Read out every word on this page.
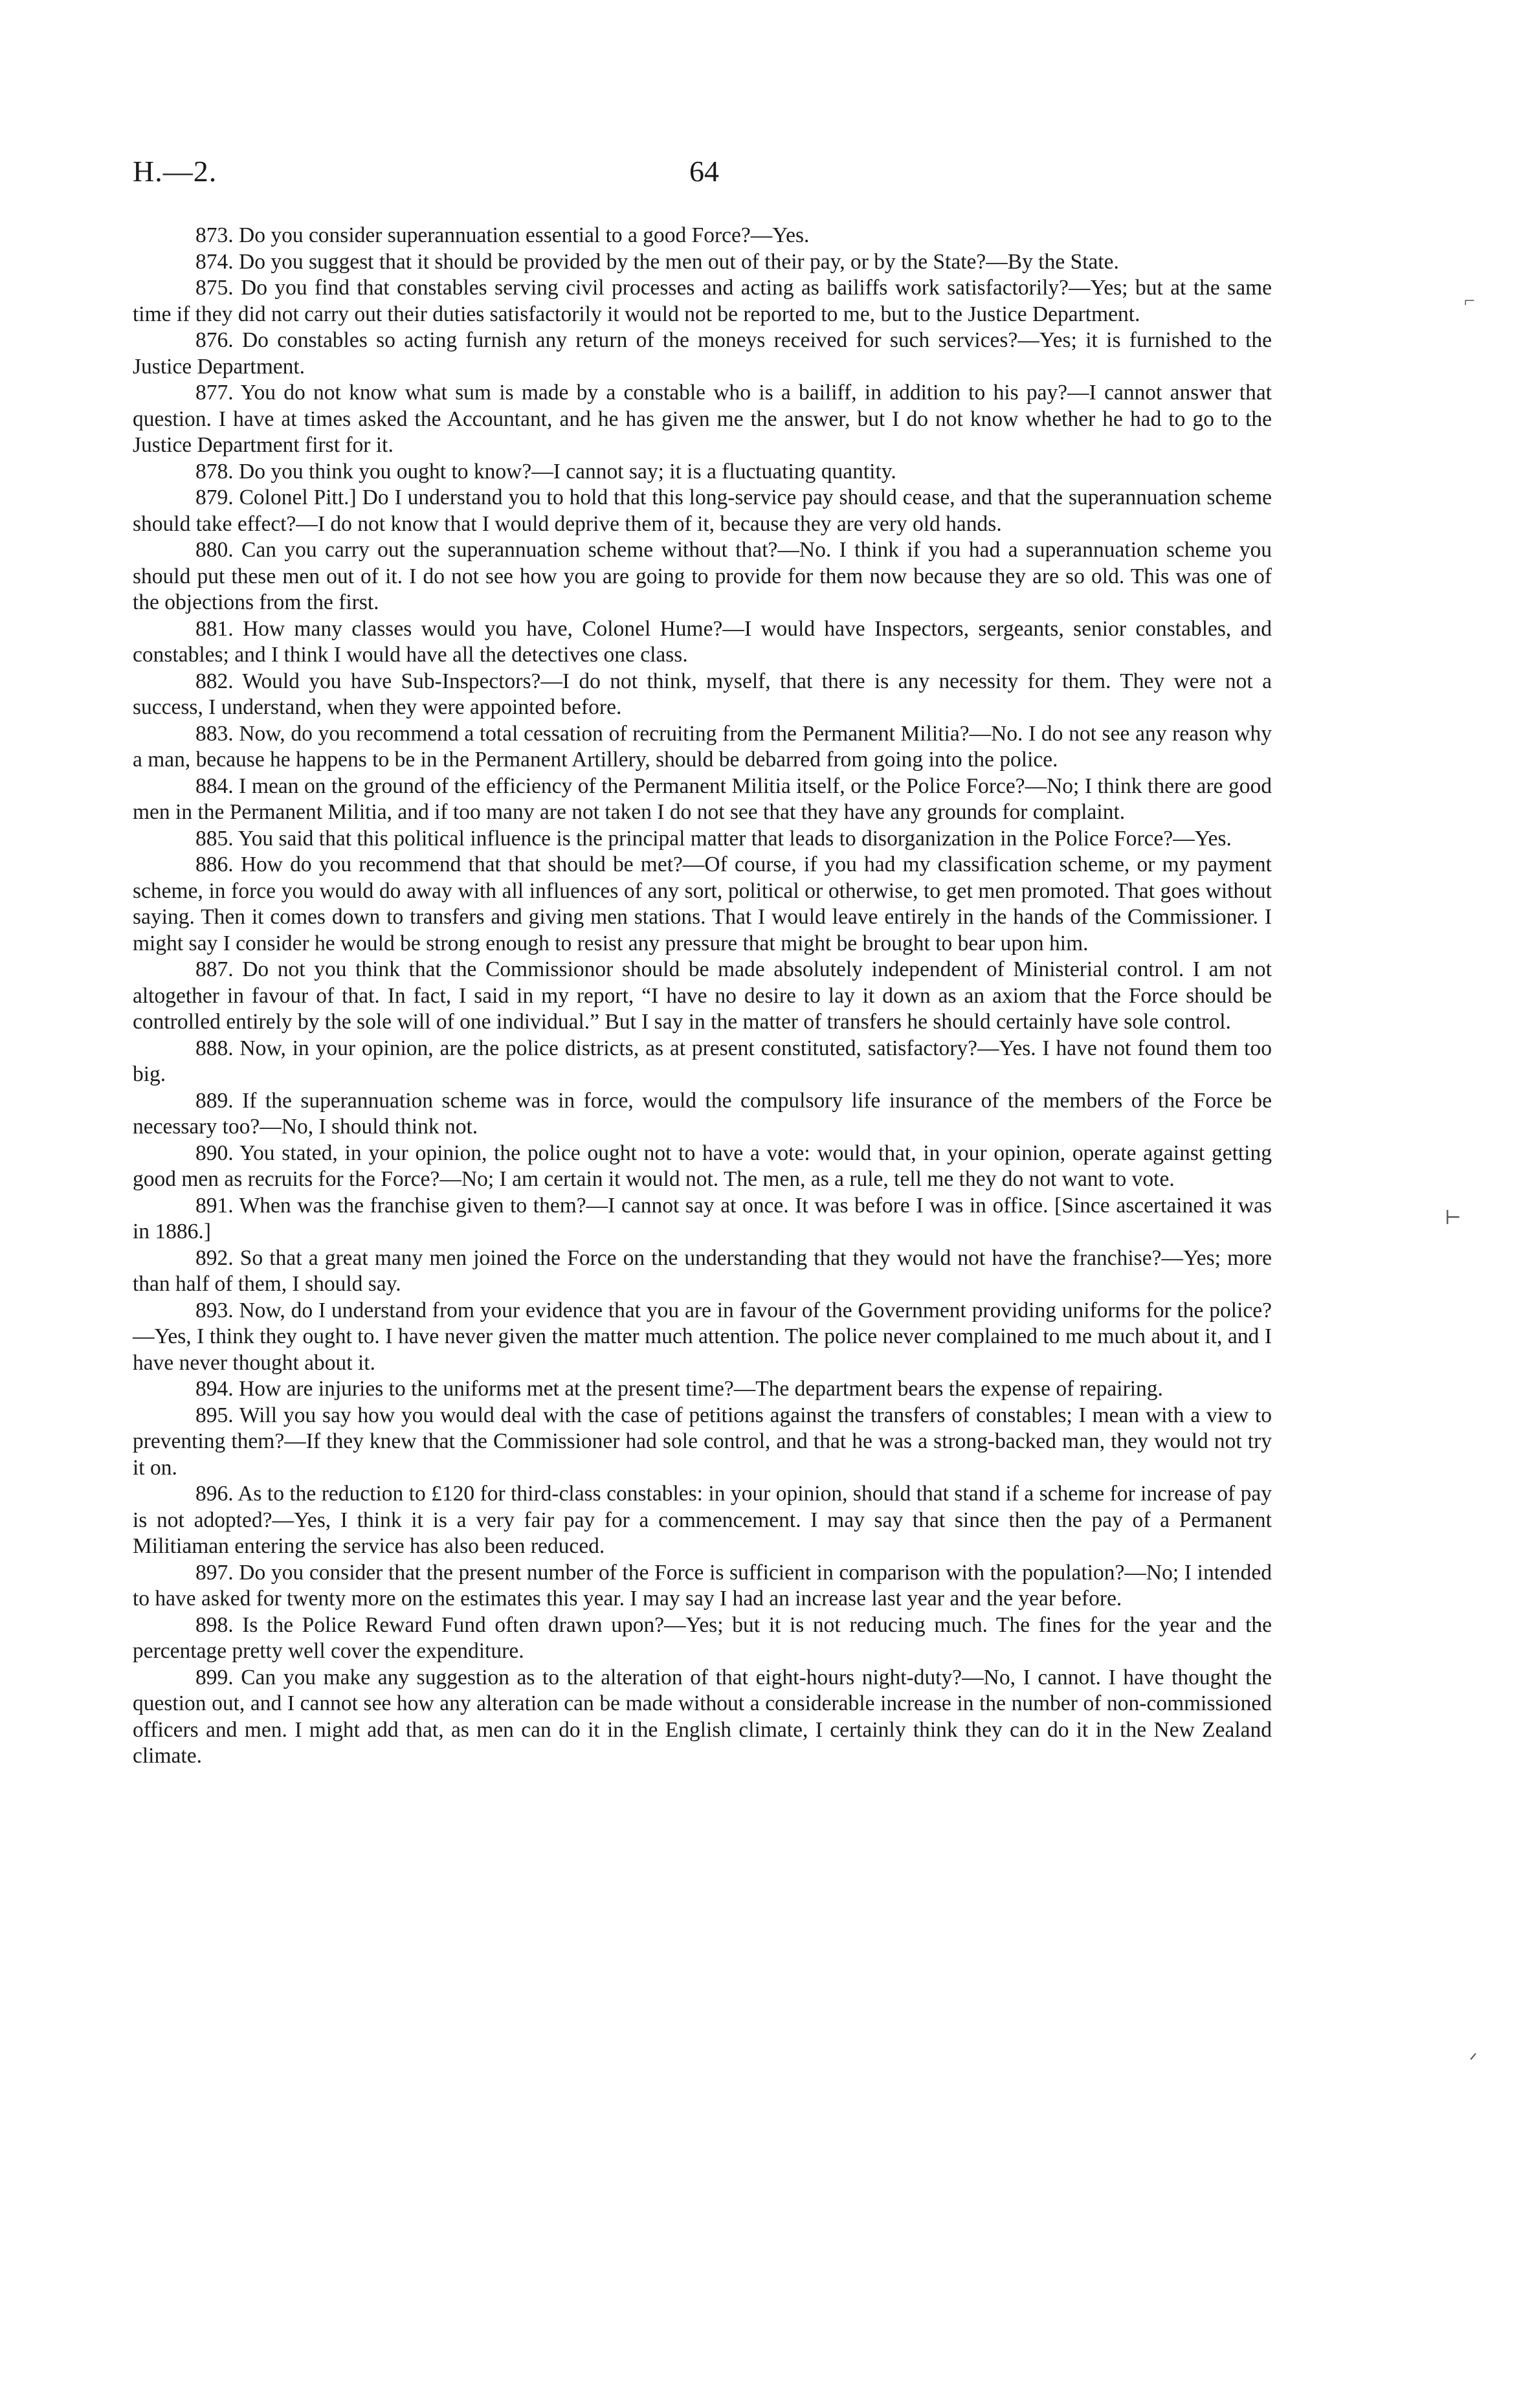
H.—2.	64

873. Do you consider superannuation essential to a good Force?—Yes.

874. Do you suggest that it should be provided by the men out of their pay, or by the State?—By the State.

875. Do you find that constables serving civil processes and acting as bailiffs work satisfactorily?—Yes; but at the same time if they did not carry out their duties satisfactorily it would not be reported to me, but to the Justice Department.

876. Do constables so acting furnish any return of the moneys received for such services?—Yes; it is furnished to the Justice Department.

877. You do not know what sum is made by a constable who is a bailiff, in addition to his pay?—I cannot answer that question. I have at times asked the Accountant, and he has given me the answer, but I do not know whether he had to go to the Justice Department first for it.

878. Do you think you ought to know?—I cannot say; it is a fluctuating quantity.

879. Colonel Pitt.] Do I understand you to hold that this long-service pay should cease, and that the superannuation scheme should take effect?—I do not know that I would deprive them of it, because they are very old hands.

880. Can you carry out the superannuation scheme without that?—No. I think if you had a superannuation scheme you should put these men out of it. I do not see how you are going to provide for them now because they are so old. This was one of the objections from the first.

881. How many classes would you have, Colonel Hume?—I would have Inspectors, sergeants, senior constables, and constables; and I think I would have all the detectives one class.

882. Would you have Sub-Inspectors?—I do not think, myself, that there is any necessity for them. They were not a success, I understand, when they were appointed before.

883. Now, do you recommend a total cessation of recruiting from the Permanent Militia?—No. I do not see any reason why a man, because he happens to be in the Permanent Artillery, should be debarred from going into the police.

884. I mean on the ground of the efficiency of the Permanent Militia itself, or the Police Force?—No; I think there are good men in the Permanent Militia, and if too many are not taken I do not see that they have any grounds for complaint.

885. You said that this political influence is the principal matter that leads to disorganization in the Police Force?—Yes.

886. How do you recommend that that should be met?—Of course, if you had my classification scheme, or my payment scheme, in force you would do away with all influences of any sort, political or otherwise, to get men promoted. That goes without saying. Then it comes down to transfers and giving men stations. That I would leave entirely in the hands of the Commissioner. I might say I consider he would be strong enough to resist any pressure that might be brought to bear upon him.

887. Do not you think that the Commissionor should be made absolutely independent of Ministerial control. I am not altogether in favour of that. In fact, I said in my report, “I have no desire to lay it down as an axiom that the Force should be controlled entirely by the sole will of one individual.” But I say in the matter of transfers he should certainly have sole control.

888. Now, in your opinion, are the police districts, as at present constituted, satisfactory?—Yes. I have not found them too big.

889. If the superannuation scheme was in force, would the compulsory life insurance of the members of the Force be necessary too?—No, I should think not.

890. You stated, in your opinion, the police ought not to have a vote: would that, in your opinion, operate against getting good men as recruits for the Force?—No; I am certain it would not. The men, as a rule, tell me they do not want to vote.

891. When was the franchise given to them?—I cannot say at once. It was before I was in office. [Since ascertained it was in 1886.]

892. So that a great many men joined the Force on the understanding that they would not have the franchise?—Yes; more than half of them, I should say.

893. Now, do I understand from your evidence that you are in favour of the Government providing uniforms for the police?—Yes, I think they ought to. I have never given the matter much attention. The police never complained to me much about it, and I have never thought about it.

894. How are injuries to the uniforms met at the present time?—The department bears the expense of repairing.

895. Will you say how you would deal with the case of petitions against the transfers of constables; I mean with a view to preventing them?—If they knew that the Commissioner had sole control, and that he was a strong-backed man, they would not try it on.

896. As to the reduction to £120 for third-class constables: in your opinion, should that stand if a scheme for increase of pay is not adopted?—Yes, I think it is a very fair pay for a commencement. I may say that since then the pay of a Permanent Militiaman entering the service has also been reduced.

897. Do you consider that the present number of the Force is sufficient in comparison with the population?—No; I intended to have asked for twenty more on the estimates this year. I may say I had an increase last year and the year before.

898. Is the Police Reward Fund often drawn upon?—Yes; but it is not reducing much. The fines for the year and the percentage pretty well cover the expenditure.

899. Can you make any suggestion as to the alteration of that eight-hours night-duty?—No, I cannot. I have thought the question out, and I cannot see how any alteration can be made without a considerable increase in the number of non-commissioned officers and men. I might add that, as men can do it in the English climate, I certainly think they can do it in the New Zealand climate.

⌐
⊢
ᐟ
